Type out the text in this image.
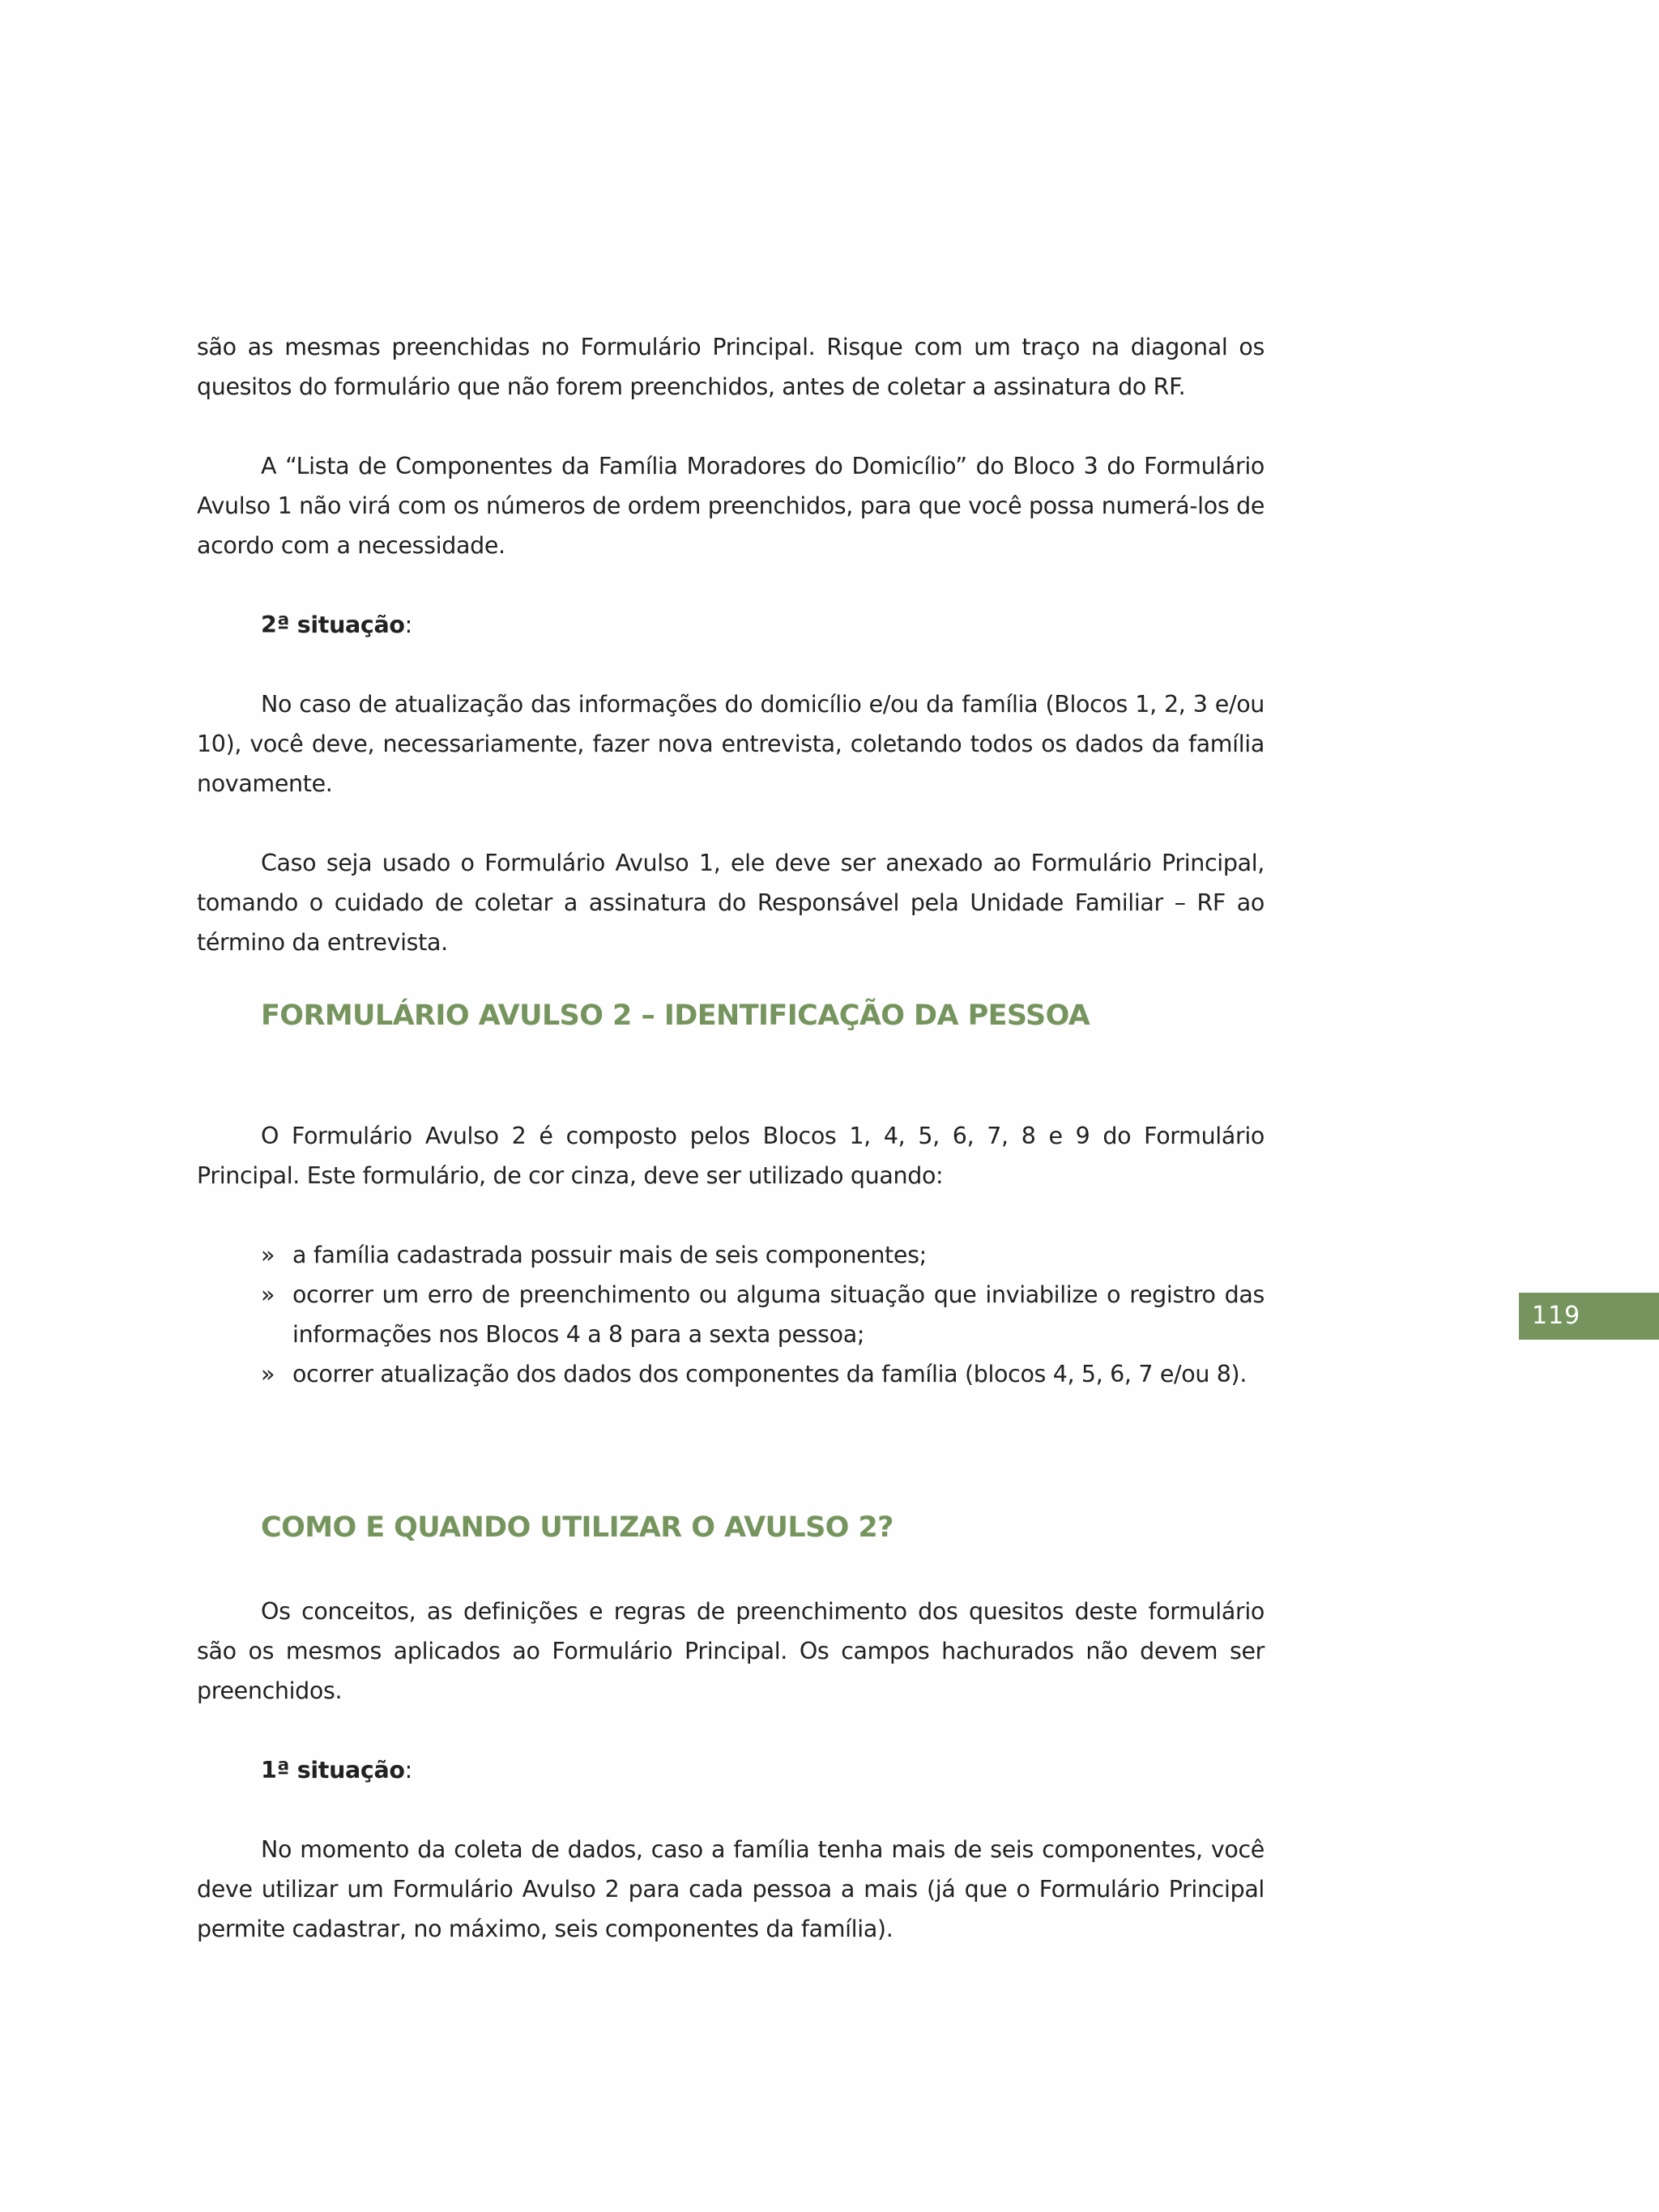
são as mesmas preenchidas no Formulário Principal. Risque com um traço na diagonal os quesitos do formulário que não forem preenchidos, antes de coletar a assinatura do RF.

A “Lista de Componentes da Família Moradores do Domicílio” do Bloco 3 do Formulário Avulso 1 não virá com os números de ordem preenchidos, para que você possa numerá-los de acordo com a necessidade.

2ª situação:

No caso de atualização das informações do domicílio e/ou da família (Blocos 1, 2, 3 e/ou 10), você deve, necessariamente, fazer nova entrevista, coletando todos os dados da família novamente.

Caso seja usado o Formulário Avulso 1, ele deve ser anexado ao Formulário Principal, tomando o cuidado de coletar a assinatura do Responsável pela Unidade Familiar – RF ao término da entrevista.

FORMULÁRIO AVULSO 2 – IDENTIFICAÇÃO DA PESSOA

O Formulário Avulso 2 é composto pelos Blocos 1, 4, 5, 6, 7, 8 e 9 do Formulário Principal. Este formulário, de cor cinza, deve ser utilizado quando:

» a família cadastrada possuir mais de seis componentes;
» ocorrer um erro de preenchimento ou alguma situação que inviabilize o registro das informações nos Blocos 4 a 8 para a sexta pessoa;
» ocorrer atualização dos dados dos componentes da família (blocos 4, 5, 6, 7 e/ou 8).
COMO E QUANDO UTILIZAR O AVULSO 2?

Os conceitos, as definições e regras de preenchimento dos quesitos deste formulário são os mesmos aplicados ao Formulário Principal. Os campos hachurados não devem ser preenchidos.

1ª situação:

No momento da coleta de dados, caso a família tenha mais de seis componentes, você deve utilizar um Formulário Avulso 2 para cada pessoa a mais (já que o Formulário Principal permite cadastrar, no máximo, seis componentes da família).

119
